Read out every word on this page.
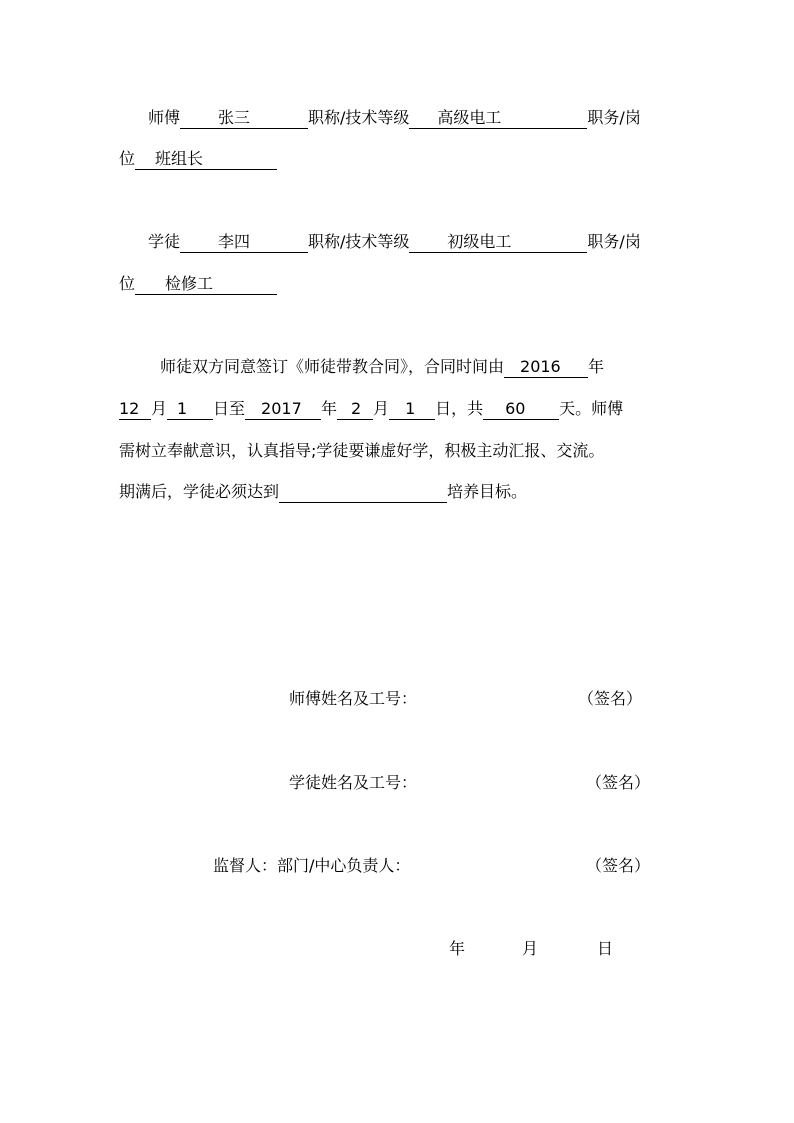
师傅 张三	职称/技术等级 高级电工	职务/岗
位 班组长
学徒 李四	职称/技术等级 初级电工	职务/岗
位 检修工
师徒双方同意签订《师徒带教合同》，合同时间由 2016 年
12 月 1 日至 2017 年 2 月 1 日，共 60 天。师傅
需树立奉献意识，认真指导;学徒要谦虚好学，积极主动汇报、交流。
期满后，学徒必须达到	培养目标。
师傅姓名及工号：	（签名）
学徒姓名及工号：	（签名）
监督人：部门/中心负责人：	（签名）
年	月	日
